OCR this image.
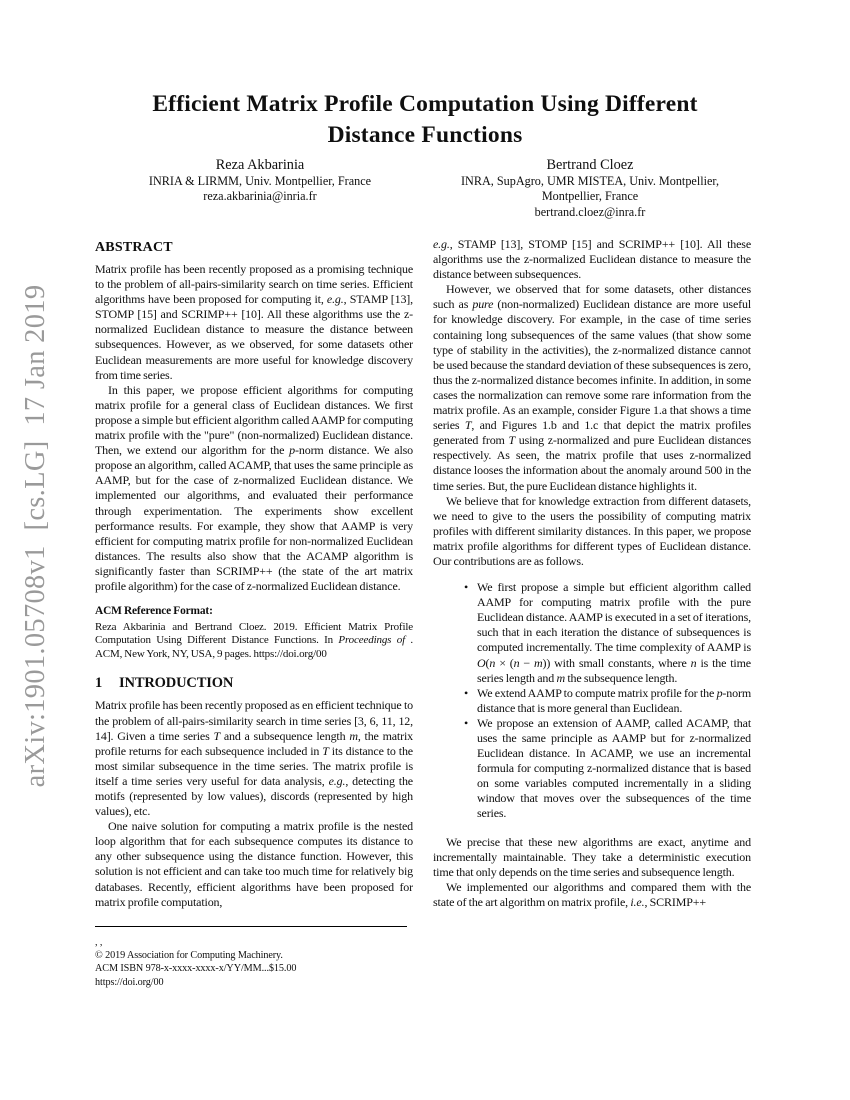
arXiv:1901.05708v1  [cs.LG]  17 Jan 2019
Efficient Matrix Profile Computation Using Different
Distance Functions
Reza Akbarinia
INRIA & LIRMM, Univ. Montpellier, France
reza.akbarinia@inria.fr
Bertrand Cloez
INRA, SupAgro, UMR MISTEA, Univ. Montpellier,
Montpellier, France
bertrand.cloez@inra.fr
ABSTRACT

Matrix profile has been recently proposed as a promising technique to the problem of all-pairs-similarity search on time series. Efficient algorithms have been proposed for computing it, e.g., STAMP [13], STOMP [15] and SCRIMP++ [10]. All these algorithms use the z-normalized Euclidean distance to measure the distance between subsequences. However, as we observed, for some datasets other Euclidean measurements are more useful for knowledge discovery from time series.

In this paper, we propose efficient algorithms for computing matrix profile for a general class of Euclidean distances. We first propose a simple but efficient algorithm called AAMP for computing matrix profile with the "pure" (non-normalized) Euclidean distance. Then, we extend our algorithm for the p-norm distance. We also propose an algorithm, called ACAMP, that uses the same principle as AAMP, but for the case of z-normalized Euclidean distance. We implemented our algorithms, and evaluated their performance through experimentation. The experiments show excellent performance results. For example, they show that AAMP is very efficient for computing matrix profile for non-normalized Euclidean distances. The results also show that the ACAMP algorithm is significantly faster than SCRIMP++ (the state of the art matrix profile algorithm) for the case of z-normalized Euclidean distance.

ACM Reference Format:

Reza Akbarinia and Bertrand Cloez. 2019. Efficient Matrix Profile Computation Using Different Distance Functions. In Proceedings of . ACM, New York, NY, USA, 9 pages. https://doi.org/00

1 INTRODUCTION

Matrix profile has been recently proposed as en efficient technique to the problem of all-pairs-similarity search in time series [3, 6, 11, 12, 14]. Given a time series T and a subsequence length m, the matrix profile returns for each subsequence included in T its distance to the most similar subsequence in the time series. The matrix profile is itself a time series very useful for data analysis, e.g., detecting the motifs (represented by low values), discords (represented by high values), etc.

One naive solution for computing a matrix profile is the nested loop algorithm that for each subsequence computes its distance to any other subsequence using the distance function. However, this solution is not efficient and can take too much time for relatively big databases. Recently, efficient algorithms have been proposed for matrix profile computation,

e.g., STAMP [13], STOMP [15] and SCRIMP++ [10]. All these algorithms use the z-normalized Euclidean distance to measure the distance between subsequences.

However, we observed that for some datasets, other distances such as pure (non-normalized) Euclidean distance are more useful for knowledge discovery. For example, in the case of time series containing long subsequences of the same values (that show some type of stability in the activities), the z-normalized distance cannot be used because the standard deviation of these subsequences is zero, thus the z-normalized distance becomes infinite. In addition, in some cases the normalization can remove some rare information from the matrix profile. As an example, consider Figure 1.a that shows a time series T, and Figures 1.b and 1.c that depict the matrix profiles generated from T using z-normalized and pure Euclidean distances respectively. As seen, the matrix profile that uses z-normalized distance looses the information about the anomaly around 500 in the time series. But, the pure Euclidean distance highlights it.

We believe that for knowledge extraction from different datasets, we need to give to the users the possibility of computing matrix profiles with different similarity distances. In this paper, we propose matrix profile algorithms for different types of Euclidean distance. Our contributions are as follows.

• We first propose a simple but efficient algorithm called AAMP for computing matrix profile with the pure Euclidean distance. AAMP is executed in a set of iterations, such that in each iteration the distance of subsequences is computed incrementally. The time complexity of AAMP is O(n × (n − m)) with small constants, where n is the time series length and m the subsequence length.
• We extend AAMP to compute matrix profile for the p-norm distance that is more general than Euclidean.
• We propose an extension of AAMP, called ACAMP, that uses the same principle as AAMP but for z-normalized Euclidean distance. In ACAMP, we use an incremental formula for computing z-normalized distance that is based on some variables computed incrementally in a sliding window that moves over the subsequences of the time series.

We precise that these new algorithms are exact, anytime and incrementally maintainable. They take a deterministic execution time that only depends on the time series and subsequence length.

We implemented our algorithms and compared them with the state of the art algorithm on matrix profile, i.e., SCRIMP++

, ,
© 2019 Association for Computing Machinery.
ACM ISBN 978-x-xxxx-xxxx-x/YY/MM...$15.00
https://doi.org/00
